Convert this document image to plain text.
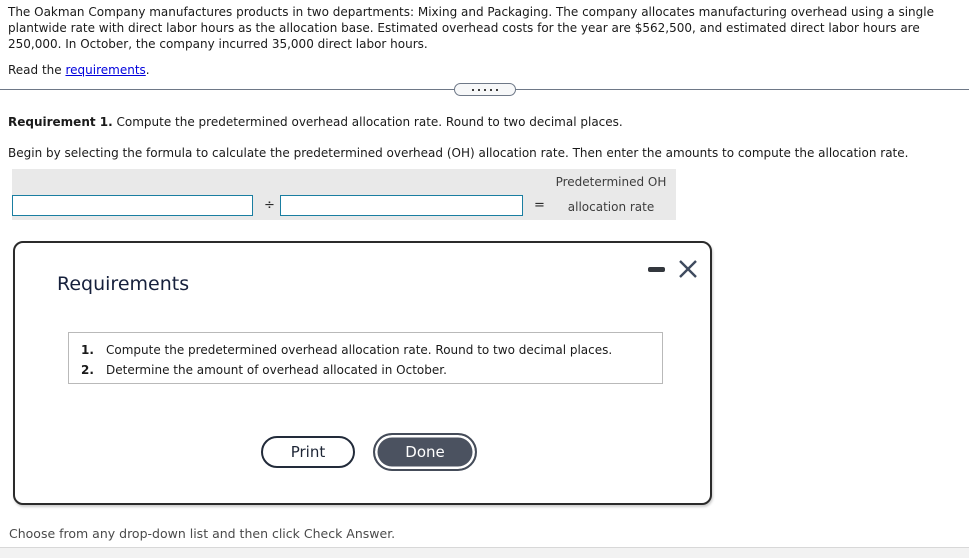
The Oakman Company manufactures products in two departments: Mixing and Packaging. The company allocates manufacturing overhead using a single plantwide rate with direct labor hours as the allocation base. Estimated overhead costs for the year are $562,500, and estimated direct labor hours are 250,000. In October, the company incurred 35,000 direct labor hours.
Read the requirements.
Requirement 1. Compute the predetermined overhead allocation rate. Round to two decimal places.
Begin by selecting the formula to calculate the predetermined overhead (OH) allocation rate. Then enter the amounts to compute the allocation rate.
÷	=
Predetermined OH
allocation rate
Requirements
1. Compute the predetermined overhead allocation rate. Round to two decimal places.
2. Determine the amount of overhead allocated in October.
Print	Done
Choose from any drop-down list and then click Check Answer.
